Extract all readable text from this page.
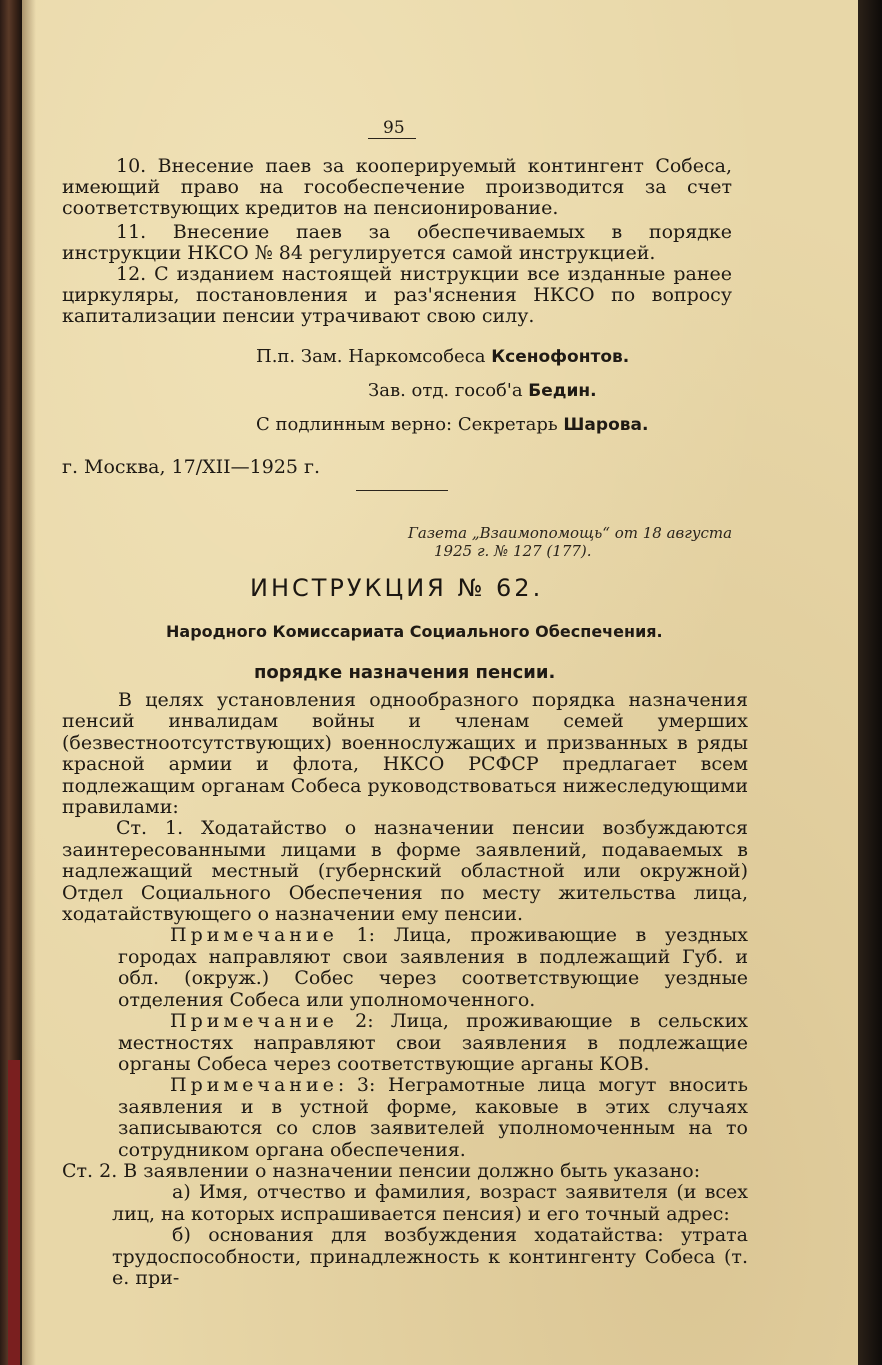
95
10. Внесение паев за кооперируемый контингент Собеса, имеющий право на гособеспечение производится за счет соответствующих кредитов на пенсионирование.
11. Внесение паев за обеспечиваемых в порядке инструкции НКСО № 84 регулируется самой инструкцией.
12. С изданием настоящей ниструкции все изданные ранее циркуляры, постановления и раз'яснения НКСО по вопросу капитализации пенсии утрачивают свою силу.
П.п. Зам. Наркомсобеса Ксенофонтов.
Зав. отд. гособ'а Бедин.
С подлинным верно: Секретарь Шарова.
г. Москва, 17/XII—1925 г.
Газета „Взаимопомощь“ от 18 августа
1925 г. № 127 (177).
ИНСТРУКЦИЯ № 62.
Народного Комиссариата Социального Обеспечения.
порядке назначения пенсии.

В целях установления однообразного порядка назначения пенсий инвалидам войны и членам семей умерших (безвестноотсутствующих) военнослужащих и призванных в ряды красной армии и флота, НКСО РСФСР предлагает всем подлежащим органам Собеса руководствоваться нижеследующими правилами:

Ст. 1. Ходатайство о назначении пенсии возбуждаются заинтересованными лицами в форме заявлений, подаваемых в надлежащий местный (губернский областной или окружной) Отдел Социального Обеспечения по месту жительства лица, ходатайствующего о назначении ему пенсии.

Примечание 1: Лица, проживающие в уездных городах направляют свои заявления в подлежащий Губ. и обл. (окруж.) Собес через соответствующие уездные отделения Собеса или уполномоченного.

Примечание 2: Лица, проживающие в сельских местностях направляют свои заявления в подлежащие органы Собеса через соответствующие арганы КОВ.

Примечание: 3: Неграмотные лица могут вносить заявления и в устной форме, каковые в этих случаях записываются со слов заявителей уполномоченным на то сотрудником органа обеспечения.

Ст. 2. В заявлении о назначении пенсии должно быть указано:

а) Имя, отчество и фамилия, возраст заявителя (и всех лиц, на которых испрашивается пенсия) и его точный адрес:

б) основания для возбуждения ходатайства: утрата трудоспособности, принадлежность к контингенту Собеса (т. е. при-
